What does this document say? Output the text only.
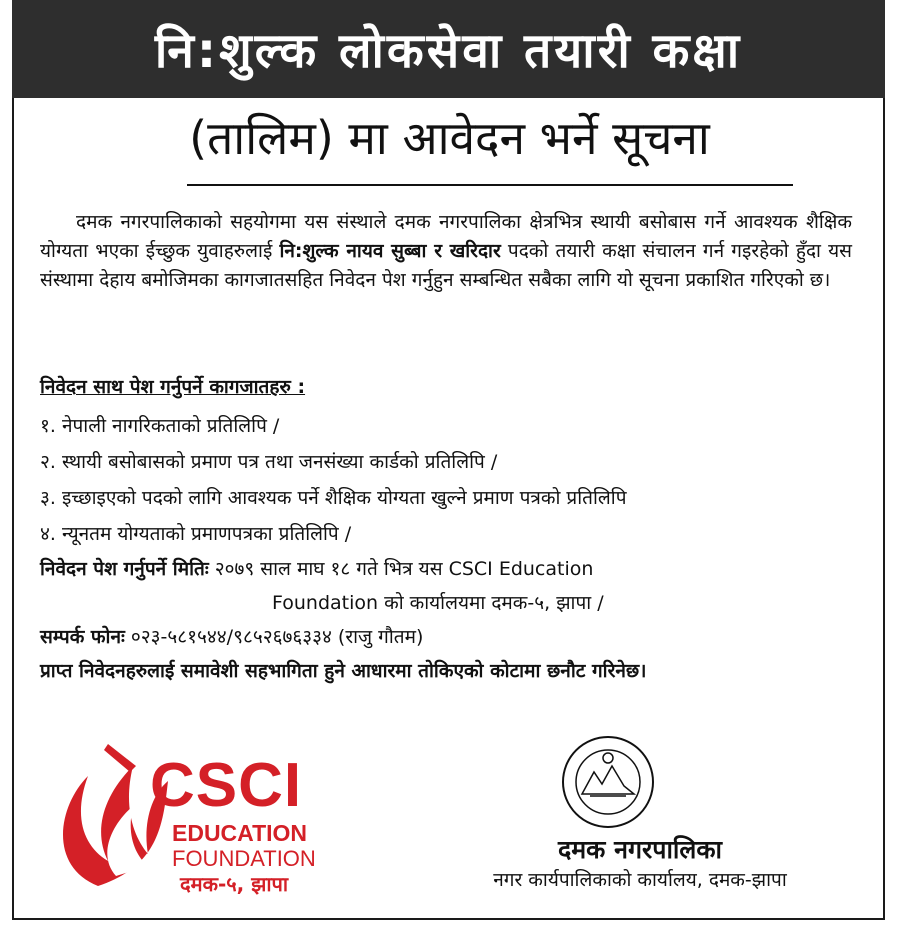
नि:शुल्क लोकसेवा तयारी कक्षा
(तालिम) मा आवेदन भर्ने सूचना
दमक नगरपालिकाको सहयोगमा यस संस्थाले दमक नगरपालिका क्षेत्रभित्र स्थायी बसोबास गर्ने आवश्यक शैक्षिक योग्यता भएका ईच्छुक युवाहरुलाई नि:शुल्क नायव सुब्बा र खरिदार पदको तयारी कक्षा संचालन गर्न गइरहेको हुँदा यस संस्थामा देहाय बमोजिमका कागजातसहित निवेदन पेश गर्नुहुन सम्बन्धित सबैका लागि यो सूचना प्रकाशित गरिएको छ।
निवेदन साथ पेश गर्नुपर्ने कागजातहरु :
१. नेपाली नागरिकताको प्रतिलिपि /
२. स्थायी बसोबासको प्रमाण पत्र तथा जनसंख्या कार्डको प्रतिलिपि /
३. इच्छाइएको पदको लागि आवश्यक पर्ने शैक्षिक योग्यता खुल्ने प्रमाण पत्रको प्रतिलिपि
४. न्यूनतम योग्यताको प्रमाणपत्रका प्रतिलिपि /
निवेदन पेश गर्नुपर्ने मितिः २०७९ साल माघ १८ गते भित्र यस CSCI Education
Foundation को कार्यालयमा दमक-५, झापा /
सम्पर्क फोनः ०२३-५८१५४४/९८५२६७६३३४ (राजु गौतम)
प्राप्त निवेदनहरुलाई समावेशी सहभागिता हुने आधारमा तोकिएको कोटामा छनौट गरिनेछ।
CSCI
EDUCATION
FOUNDATION
दमक-५, झापा
दमक नगरपालिका
नगर कार्यपालिकाको कार्यालय, दमक-झापा
